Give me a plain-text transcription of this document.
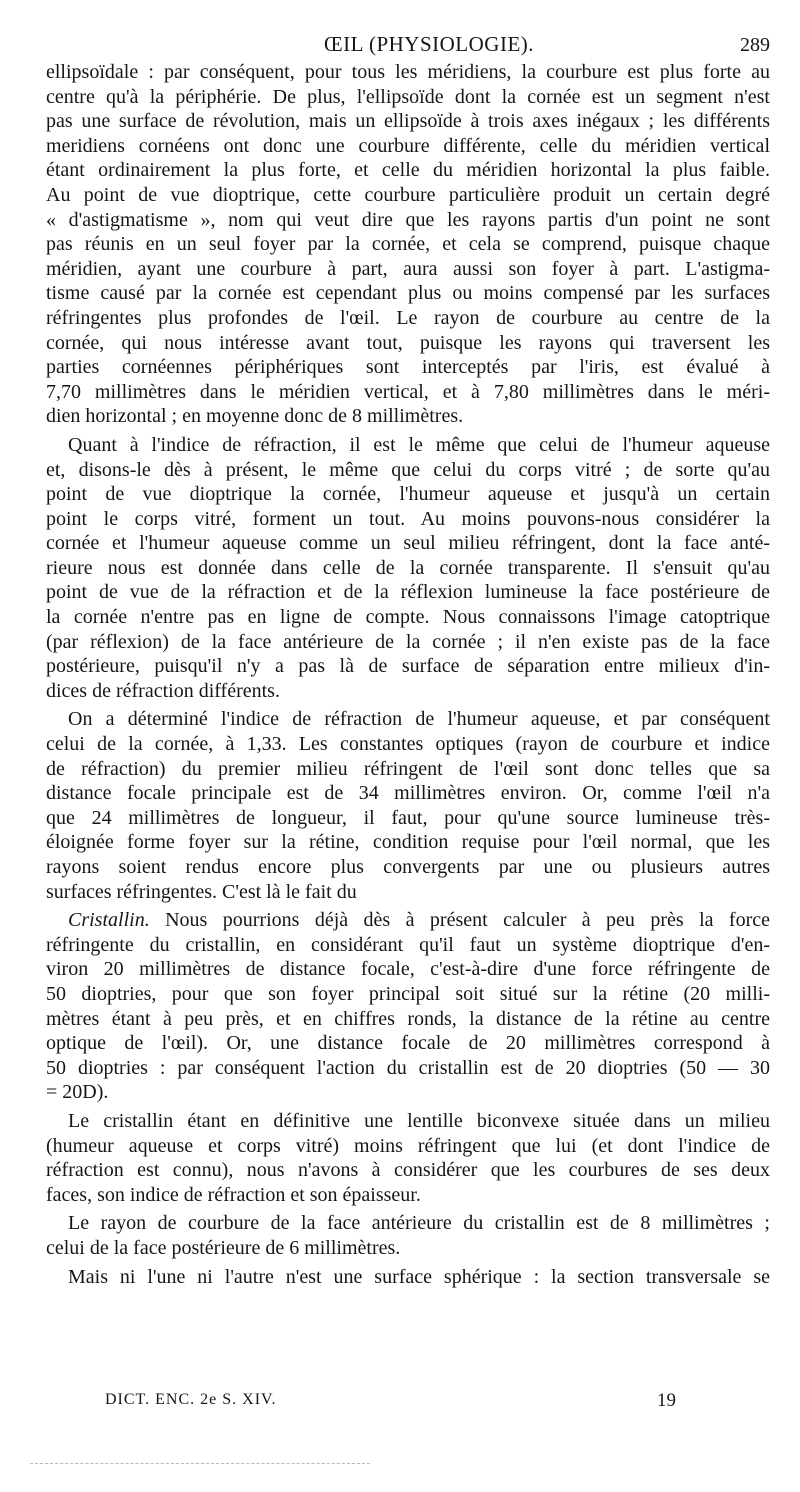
ŒIL (PHYSIOLOGIE).	289
ellipsoïdale : par conséquent, pour tous les méridiens, la courbure est plus forte au
centre qu'à la périphérie. De plus, l'ellipsoïde dont la cornée est un segment n'est
pas une surface de révolution, mais un ellipsoïde à trois axes inégaux ; les différents
meridiens cornéens ont donc une courbure différente, celle du méridien vertical
étant ordinairement la plus forte, et celle du méridien horizontal la plus faible.
Au point de vue dioptrique, cette courbure particulière produit un certain degré
« d'astigmatisme », nom qui veut dire que les rayons partis d'un point ne sont
pas réunis en un seul foyer par la cornée, et cela se comprend, puisque chaque
méridien, ayant une courbure à part, aura aussi son foyer à part. L'astigma-
tisme causé par la cornée est cependant plus ou moins compensé par les surfaces
réfringentes plus profondes de l'œil. Le rayon de courbure au centre de la
cornée, qui nous intéresse avant tout, puisque les rayons qui traversent les
parties cornéennes périphériques sont interceptés par l'iris, est évalué à
7,70 millimètres dans le méridien vertical, et à 7,80 millimètres dans le méri-
dien horizontal ; en moyenne donc de 8 millimètres.
Quant à l'indice de réfraction, il est le même que celui de l'humeur aqueuse
et, disons-le dès à présent, le même que celui du corps vitré ; de sorte qu'au
point de vue dioptrique la cornée, l'humeur aqueuse et jusqu'à un certain
point le corps vitré, forment un tout. Au moins pouvons-nous considérer la
cornée et l'humeur aqueuse comme un seul milieu réfringent, dont la face anté-
rieure nous est donnée dans celle de la cornée transparente. Il s'ensuit qu'au
point de vue de la réfraction et de la réflexion lumineuse la face postérieure de
la cornée n'entre pas en ligne de compte. Nous connaissons l'image catoptrique
(par réflexion) de la face antérieure de la cornée ; il n'en existe pas de la face
postérieure, puisqu'il n'y a pas là de surface de séparation entre milieux d'in-
dices de réfraction différents.
On a déterminé l'indice de réfraction de l'humeur aqueuse, et par conséquent
celui de la cornée, à 1,33. Les constantes optiques (rayon de courbure et indice
de réfraction) du premier milieu réfringent de l'œil sont donc telles que sa
distance focale principale est de 34 millimètres environ. Or, comme l'œil n'a
que 24 millimètres de longueur, il faut, pour qu'une source lumineuse très-
éloignée forme foyer sur la rétine, condition requise pour l'œil normal, que les
rayons soient rendus encore plus convergents par une ou plusieurs autres
surfaces réfringentes. C'est là le fait du
Cristallin. Nous pourrions déjà dès à présent calculer à peu près la force
réfringente du cristallin, en considérant qu'il faut un système dioptrique d'en-
viron 20 millimètres de distance focale, c'est-à-dire d'une force réfringente de
50 dioptries, pour que son foyer principal soit situé sur la rétine (20 milli-
mètres étant à peu près, et en chiffres ronds, la distance de la rétine au centre
optique de l'œil). Or, une distance focale de 20 millimètres correspond à
50 dioptries : par conséquent l'action du cristallin est de 20 dioptries (50 — 30
= 20D).
Le cristallin étant en définitive une lentille biconvexe située dans un milieu
(humeur aqueuse et corps vitré) moins réfringent que lui (et dont l'indice de
réfraction est connu), nous n'avons à considérer que les courbures de ses deux
faces, son indice de réfraction et son épaisseur.
Le rayon de courbure de la face antérieure du cristallin est de 8 millimètres ;
celui de la face postérieure de 6 millimètres.
Mais ni l'une ni l'autre n'est une surface sphérique : la section transversale se
DICT. ENC. 2e S. XIV.	19
